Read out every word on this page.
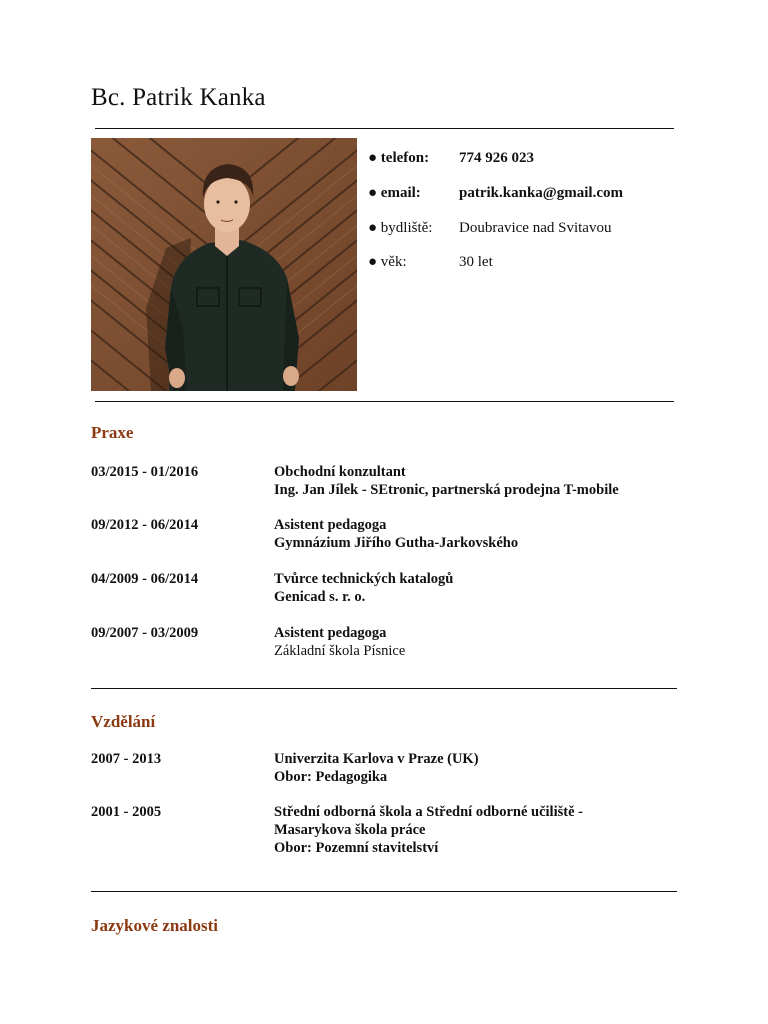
Bc. Patrik Kanka
● telefon: 774 926 023
● email:	patrik.kanka@gmail.com
● bydliště: Doubravice nad Svitavou
● věk:	30 let
Praxe
03/2015 - 01/2016	Obchodní konzultant
Ing. Jan Jílek - SEtronic, partnerská prodejna T-mobile
09/2012 - 06/2014	Asistent pedagoga
Gymnázium Jiřího Gutha-Jarkovského
04/2009 - 06/2014	Tvůrce technických katalogů
Genicad s. r. o.
09/2007 - 03/2009	Asistent pedagoga
Základní škola Písnice
Vzdělání
2007 - 2013	Univerzita Karlova v Praze (UK)
Obor: Pedagogika
2001 - 2005	Střední odborná škola a Střední odborné učiliště -
Masarykova škola práce
Obor: Pozemní stavitelství
Jazykové znalosti
